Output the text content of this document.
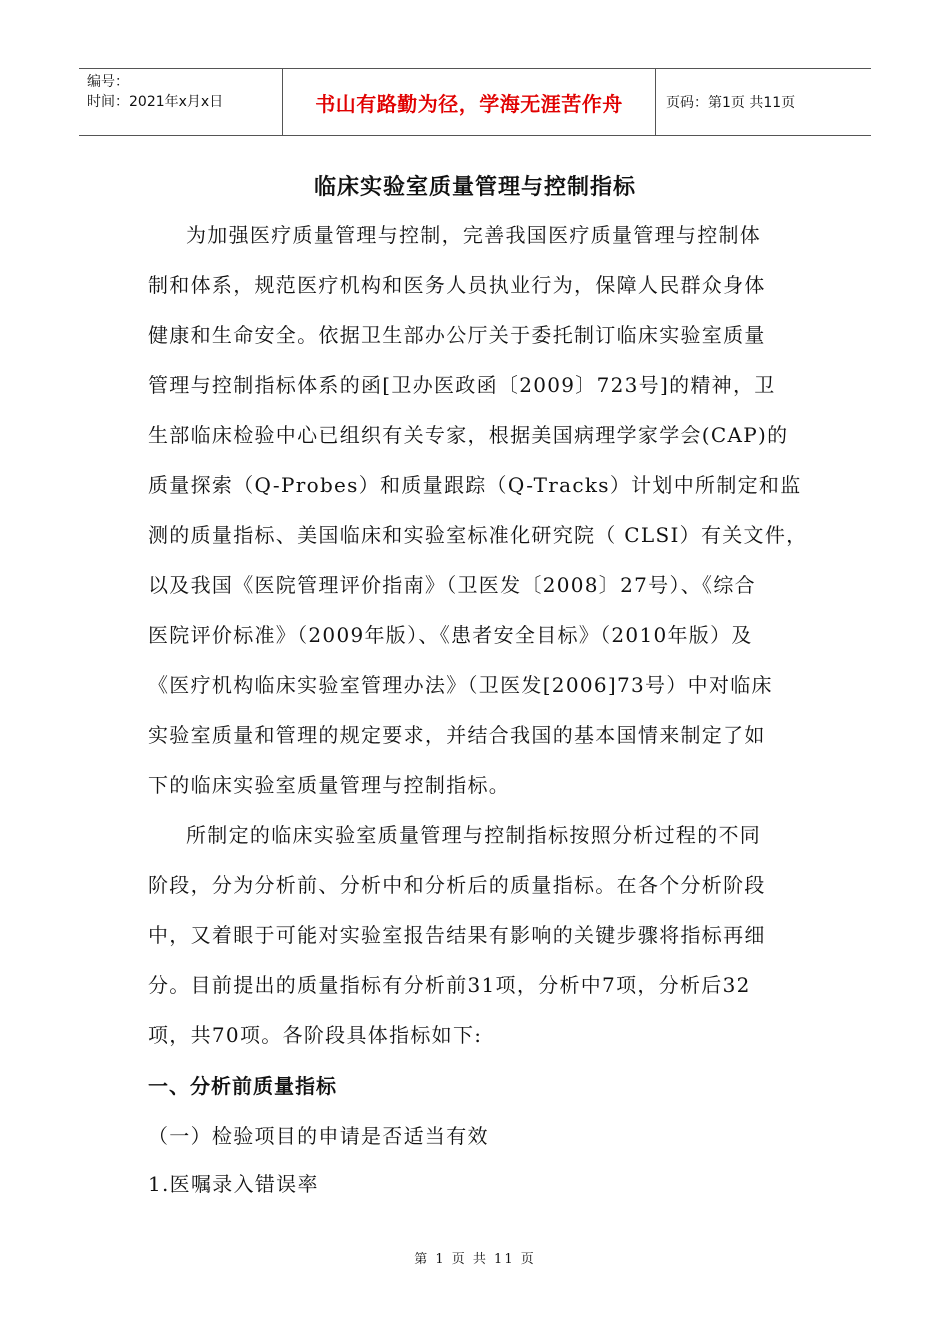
编号：
时间：2021年x月x日	书山有路勤为径，学海无涯苦作舟	页码：第1页 共11页
临床实验室质量管理与控制指标
为加强医疗质量管理与控制，完善我国医疗质量管理与控制体
制和体系，规范医疗机构和医务人员执业行为，保障人民群众身体
健康和生命安全。依据卫生部办公厅关于委托制订临床实验室质量
管理与控制指标体系的函[卫办医政函〔2009〕723号]的精神，卫
生部临床检验中心已组织有关专家，根据美国病理学家学会(CAP)的
质量探索（Q-Probes）和质量跟踪（Q-Tracks）计划中所制定和监
测的质量指标、美国临床和实验室标准化研究院（ CLSI）有关文件，
以及我国《医院管理评价指南》（卫医发〔2008〕27号）、《综合
医院评价标准》（2009年版）、《患者安全目标》（2010年版）及
《医疗机构临床实验室管理办法》（卫医发[2006]73号）中对临床
实验室质量和管理的规定要求，并结合我国的基本国情来制定了如
下的临床实验室质量管理与控制指标。
所制定的临床实验室质量管理与控制指标按照分析过程的不同
阶段，分为分析前、分析中和分析后的质量指标。在各个分析阶段
中，又着眼于可能对实验室报告结果有影响的关键步骤将指标再细
分。目前提出的质量指标有分析前31项，分析中7项，分析后32
项，共70项。各阶段具体指标如下:
一、分析前质量指标
（一）检验项目的申请是否适当有效
1.医嘱录入错误率
第 1 页 共 11 页
